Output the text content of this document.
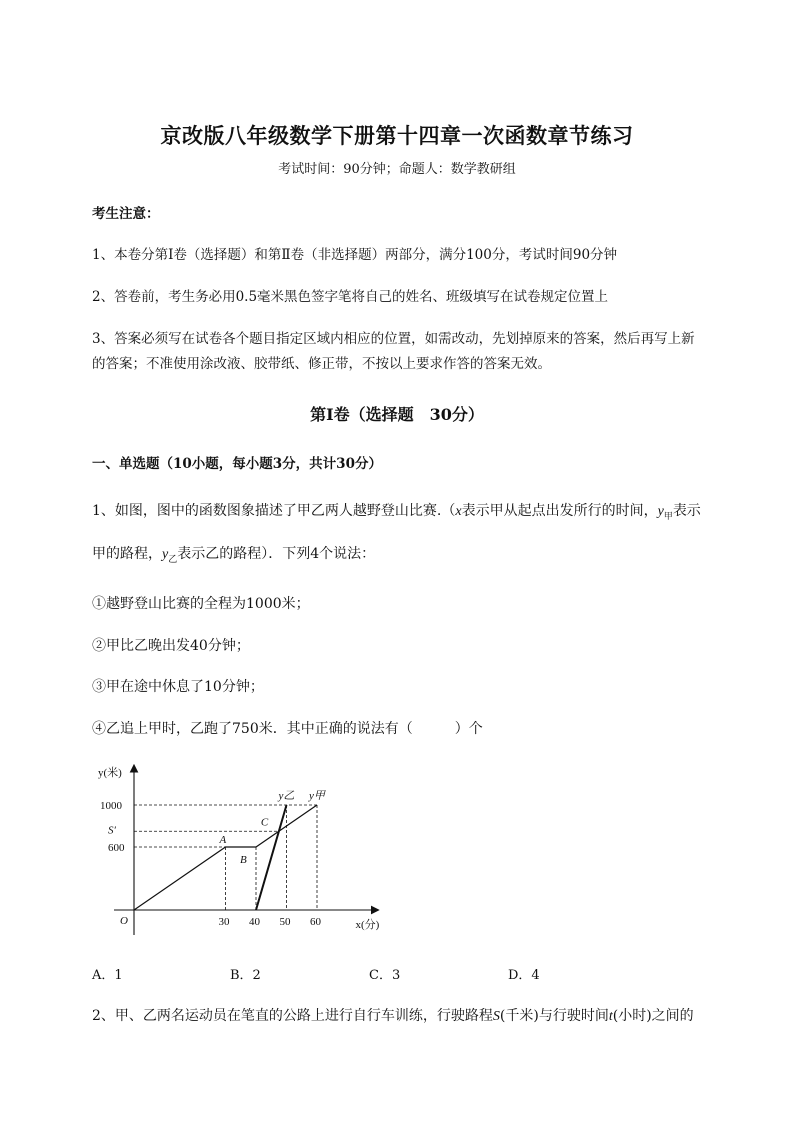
京改版八年级数学下册第十四章一次函数章节练习
考试时间：90分钟；命题人：数学教研组
考生注意：
1、本卷分第I卷（选择题）和第Ⅱ卷（非选择题）两部分，满分100分，考试时间90分钟
2、答卷前，考生务必用0.5毫米黑色签字笔将自己的姓名、班级填写在试卷规定位置上
3、答案必须写在试卷各个题目指定区域内相应的位置，如需改动，先划掉原来的答案，然后再写上新
的答案；不准使用涂改液、胶带纸、修正带，不按以上要求作答的答案无效。
第I卷（选择题　30分）
一、单选题（10小题，每小题3分，共计30分）
1、如图，图中的函数图象描述了甲乙两人越野登山比赛.（x表示甲从起点出发所行的时间，$y_甲$表示
甲的路程，$y_乙$表示乙的路程）．下列4个说法：
①越野登山比赛的全程为1000米；
②甲比乙晚出发40分钟；
③甲在途中休息了10分钟；
④乙追上甲时，乙跑了750米．其中正确的说法有（　　　）个
y(米)
x(分)
O
1000
S′
600
30 40 50 60
A
B
C
y乙 y甲
A．1	B．2	C．3	D．4
2、甲、乙两名运动员在笔直的公路上进行自行车训练，行驶路程S(千米)与行驶时间t(小时)之间的
